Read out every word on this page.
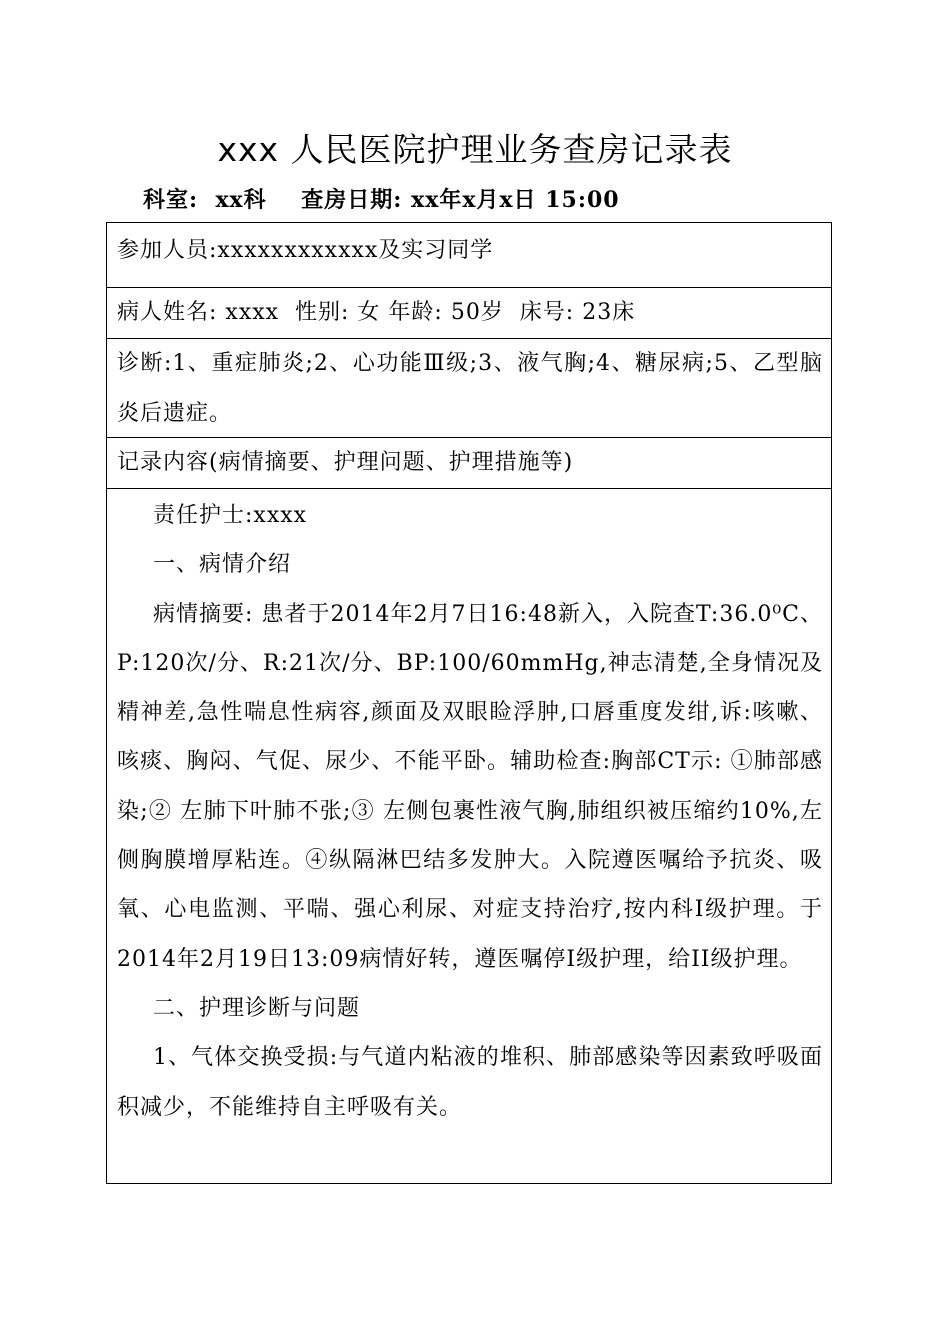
xxx 人民医院护理业务查房记录表
科室:  xx科    查房日期: xx年x月x日 15:00
参加人员:xxxxxxxxxxxx及实习同学
病人姓名: xxxx  性别: 女 年龄: 50岁  床号: 23床
诊断:1、重症肺炎;2、心功能Ⅲ级;3、液气胸;4、糖尿病;5、乙型脑炎后遗症。
记录内容(病情摘要、护理问题、护理措施等)

责任护士:xxxx

一、病情介绍

病情摘要: 患者于2014年2月7日16:48新入，入院查T:36.0⁰C、P:120次/分、R:21次/分、BP:100/60mmHg,神志清楚,全身情况及精神差,急性喘息性病容,颜面及双眼睑浮肿,口唇重度发绀,诉:咳嗽、咳痰、胸闷、气促、尿少、不能平卧。辅助检查:胸部CT示: ①肺部感染;② 左肺下叶肺不张;③ 左侧包裹性液气胸,肺组织被压缩约10%,左侧胸膜增厚粘连。④纵隔淋巴结多发肿大。入院遵医嘱给予抗炎、吸氧、心电监测、平喘、强心利尿、对症支持治疗,按内科Ⅰ级护理。于2014年2月19日13:09病情好转，遵医嘱停Ⅰ级护理，给II级护理。

二、护理诊断与问题

1、气体交换受损:与气道内粘液的堆积、肺部感染等因素致呼吸面积减少，不能维持自主呼吸有关。
